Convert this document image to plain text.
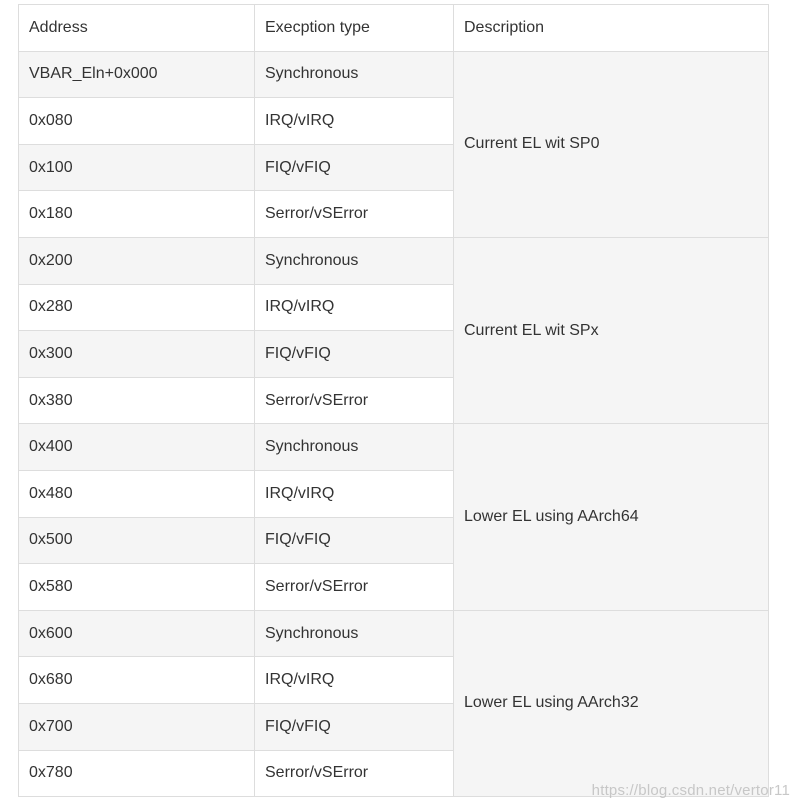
Address	Execption type	Description
VBAR_Eln+0x000	Synchronous	Current EL wit SP0
0x080	IRQ/vIRQ	
0x100	FIQ/vFIQ	
0x180	Serror/vSError	
0x200	Synchronous	Current EL wit SPx
0x280	IRQ/vIRQ	
0x300	FIQ/vFIQ	
0x380	Serror/vSError	
0x400	Synchronous	Lower EL using AArch64
0x480	IRQ/vIRQ	
0x500	FIQ/vFIQ	
0x580	Serror/vSError	
0x600	Synchronous	Lower EL using AArch32
0x680	IRQ/vIRQ	
0x700	FIQ/vFIQ	
0x780	Serror/vSError	
https://blog.csdn.net/vertor11
